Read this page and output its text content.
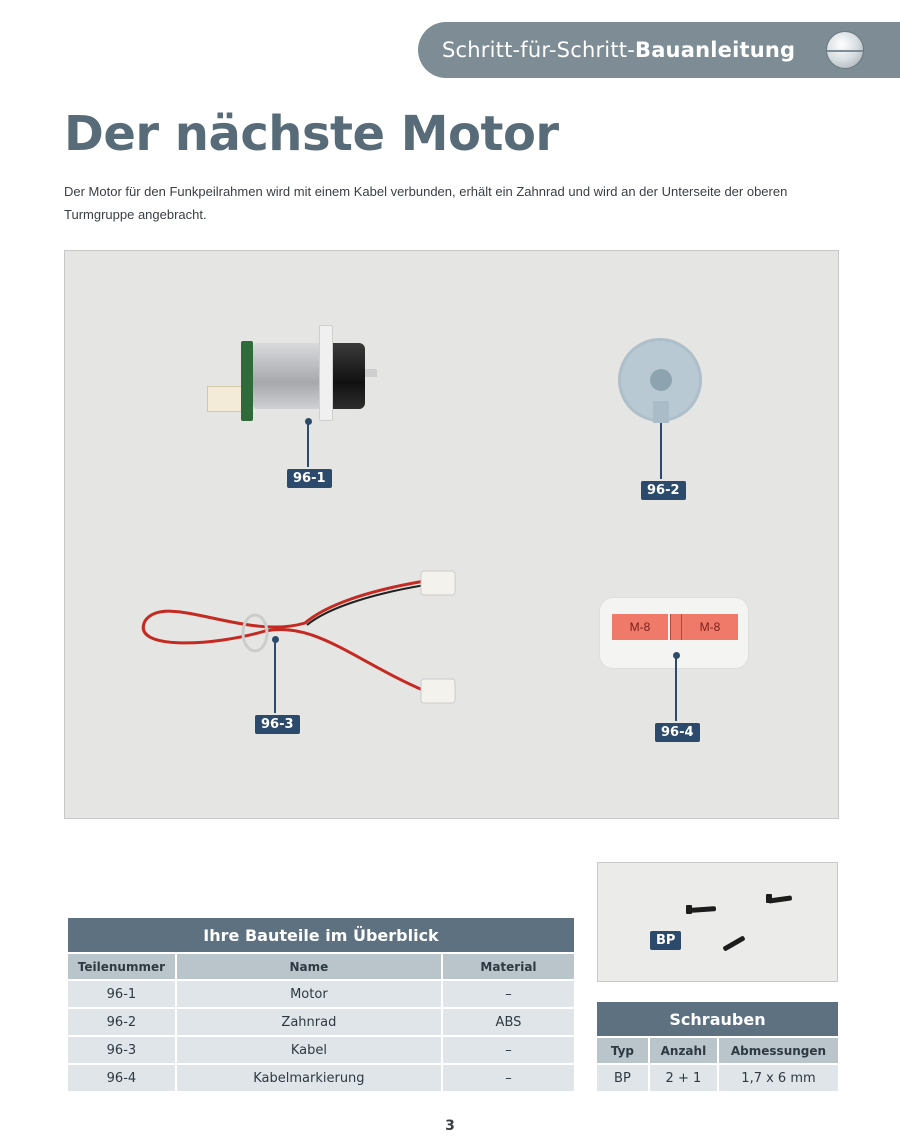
Schritt-für-Schritt-Bauanleitung
Der nächste Motor

Der Motor für den Funkpeilrahmen wird mit einem Kabel verbunden, erhält ein Zahnrad und wird an der Unterseite der oberen Turmgruppe angebracht.

96-1
96-2
96-3
M-8	M-8
96-4
Ihre Bauteile im Überblick
Teilenummer	Name	Material
96-1	Motor	–
96-2	Zahnrad	ABS
96-3	Kabel	–
96-4	Kabelmarkierung	–
BP
Schrauben
Typ	Anzahl	Abmessungen
BP	2 + 1	1,7 x 6 mm
3
